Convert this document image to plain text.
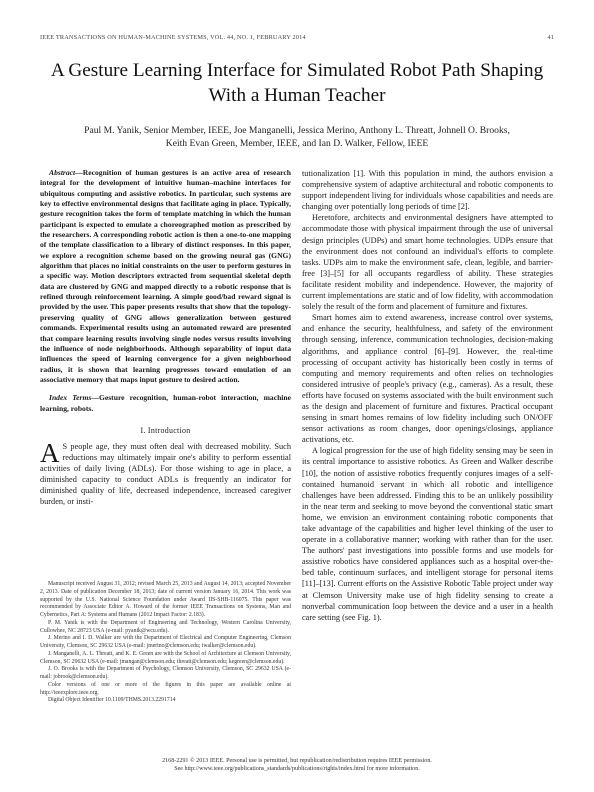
IEEE TRANSACTIONS ON HUMAN-MACHINE SYSTEMS, VOL. 44, NO. 1, FEBRUARY 2014	41
A Gesture Learning Interface for Simulated Robot Path Shaping With a Human Teacher
Paul M. Yanik, Senior Member, IEEE, Joe Manganelli, Jessica Merino, Anthony L. Threatt, Johnell O. Brooks,
Keith Evan Green, Member, IEEE, and Ian D. Walker, Fellow, IEEE

Abstract—Recognition of human gestures is an active area of research integral for the development of intuitive human–machine interfaces for ubiquitous computing and assistive robotics. In particular, such systems are key to effective environmental designs that facilitate aging in place. Typically, gesture recognition takes the form of template matching in which the human participant is expected to emulate a choreographed motion as prescribed by the researchers. A corresponding robotic action is then a one-to-one mapping of the template classification to a library of distinct responses. In this paper, we explore a recognition scheme based on the growing neural gas (GNG) algorithm that places no initial constraints on the user to perform gestures in a specific way. Motion descriptors extracted from sequential skeletal depth data are clustered by GNG and mapped directly to a robotic response that is refined through reinforcement learning. A simple good/bad reward signal is provided by the user. This paper presents results that show that the topology-preserving quality of GNG allows generalization between gestured commands. Experimental results using an automated reward are presented that compare learning results involving single nodes versus results involving the influence of node neighborhoods. Although separability of input data influences the speed of learning convergence for a given neighborhood radius, it is shown that learning progresses toward emulation of an associative memory that maps input gesture to desired action.

Index Terms—Gesture recognition, human-robot interaction, machine learning, robots.

I. Introduction

A S people age, they must often deal with decreased mobility. Such reductions may ultimately impair one's ability to perform essential activities of daily living (ADLs). For those wishing to age in place, a diminished capacity to conduct ADLs is frequently an indicator for diminished quality of life, decreased independence, increased caregiver burden, or insti-

Manuscript received August 31, 2012; revised March 25, 2013 and August 14, 2013; accepted November 2, 2013. Date of publication December 18, 2013; date of current version January 16, 2014. This work was supported by the U.S. National Science Foundation under Award IIS-SHB-116075. This paper was recommended by Associate Editor A. Howard of the former IEEE Transactions on Systems, Man and Cybernetics, Part A: Systems and Humans (2012 Impact Factor: 2.183).

P. M. Yanik is with the Department of Engineering and Technology, Western Carolina University, Cullowhee, NC 28723 USA (e-mail: pyanik@wcu.edu).

J. Merino and I. D. Walker are with the Department of Electrical and Computer Engineering, Clemson University, Clemson, SC 29632 USA (e-mail: jmerino@clemson.edu; iwalker@clemson.edu).

J. Manganelli, A. L. Threatt, and K. E. Green are with the School of Architecture at Clemson University, Clemson, SC 29632 USA (e-mail: jmangan@clemson.edu; threatt@clemson.edu; kegreen@clemson.edu).

J. O. Brooks is with the Department of Psychology, Clemson University, Clemson, SC 29632 USA (e-mail: jobrook@clemson.edu).

Color versions of one or more of the figures in this paper are available online at http://ieeexplore.ieee.org.

Digital Object Identifier 10.1109/THMS.2013.2291714

tutionalization [1]. With this population in mind, the authors envision a comprehensive system of adaptive architectural and robotic components to support independent living for individuals whose capabilities and needs are changing over potentially long periods of time [2].

Heretofore, architects and environmental designers have attempted to accommodate those with physical impairment through the use of universal design principles (UDPs) and smart home technologies. UDPs ensure that the environment does not confound an individual's efforts to complete tasks. UDPs aim to make the environment safe, clean, legible, and barrier-free [3]–[5] for all occupants regardless of ability. These strategies facilitate resident mobility and independence. However, the majority of current implementations are static and of low fidelity, with accommodation solely the result of the form and placement of furniture and fixtures.

Smart homes aim to extend awareness, increase control over systems, and enhance the security, healthfulness, and safety of the environment through sensing, inference, communication technologies, decision-making algorithms, and appliance control [6]–[9]. However, the real-time processing of occupant activity has historically been costly in terms of computing and memory requirements and often relies on technologies considered intrusive of people's privacy (e.g., cameras). As a result, these efforts have focused on systems associated with the built environment such as the design and placement of furniture and fixtures. Practical occupant sensing in smart homes remains of low fidelity including such ON/OFF sensor activations as room changes, door openings/closings, appliance activations, etc.

A logical progression for the use of high fidelity sensing may be seen in its central importance to assistive robotics. As Green and Walker describe [10], the notion of assistive robotics frequently conjures images of a self-contained humanoid servant in which all robotic and intelligence challenges have been addressed. Finding this to be an unlikely possibility in the near term and seeking to move beyond the conventional static smart home, we envision an environment containing robotic components that take advantage of the capabilities and higher level thinking of the user to operate in a collaborative manner; working with rather than for the user. The authors' past investigations into possible forms and use models for assistive robotics have considered appliances such as a hospital over-the-bed table, continuum surfaces, and intelligent storage for personal items [11]–[13]. Current efforts on the Assistive Robotic Table project under way at Clemson University make use of high fidelity sensing to create a nonverbal communication loop between the device and a user in a health care setting (see Fig. 1).

2168-2291 © 2013 IEEE. Personal use is permitted, but republication/redistribution requires IEEE permission.
See http://www.ieee.org/publications_standards/publications/rights/index.html for more information.
